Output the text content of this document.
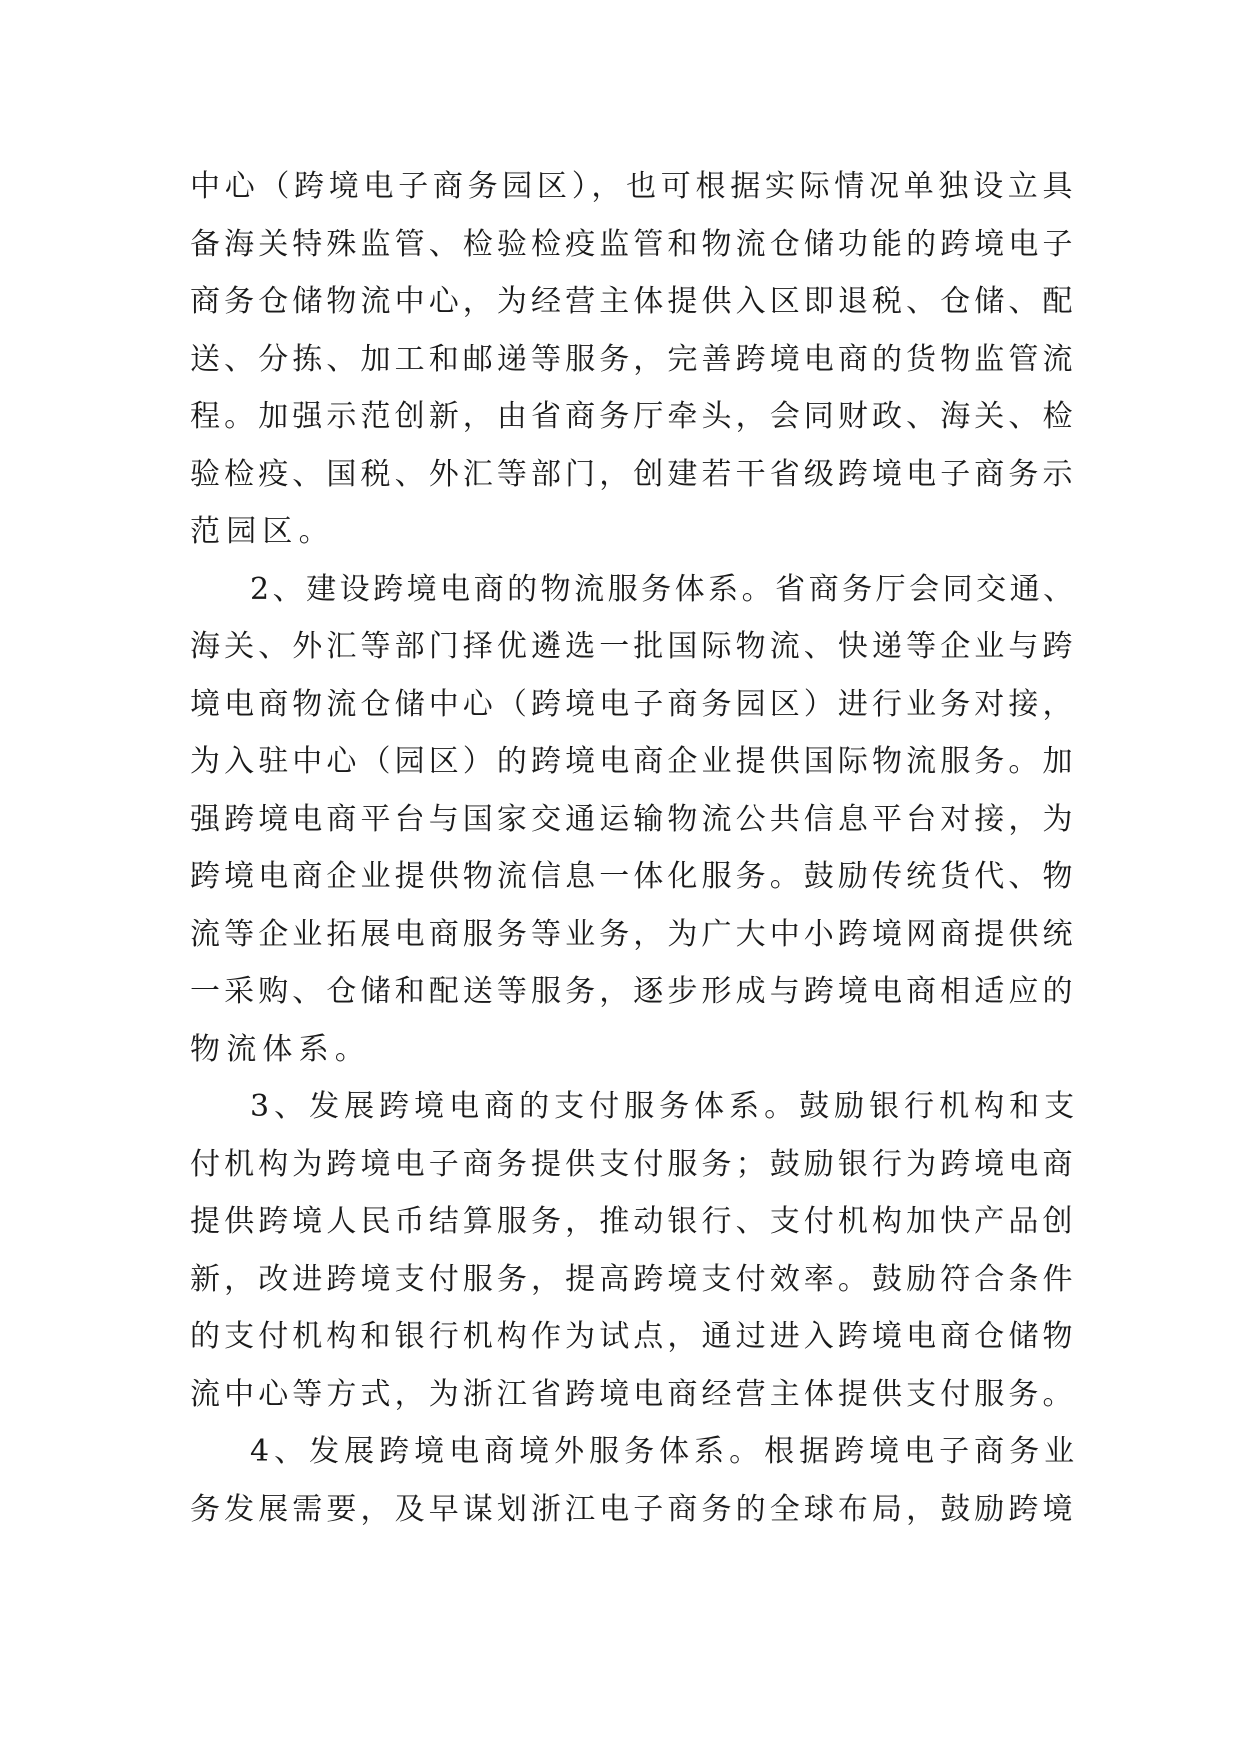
中心（跨境电子商务园区），也可根据实际情况单独设立具
备海关特殊监管、检验检疫监管和物流仓储功能的跨境电子
商务仓储物流中心，为经营主体提供入区即退税、仓储、配
送、分拣、加工和邮递等服务，完善跨境电商的货物监管流
程。加强示范创新，由省商务厅牵头，会同财政、海关、检
验检疫、国税、外汇等部门，创建若干省级跨境电子商务示
范园区。

2、建设跨境电商的物流服务体系。省商务厅会同交通、
海关、外汇等部门择优遴选一批国际物流、快递等企业与跨
境电商物流仓储中心（跨境电子商务园区）进行业务对接，
为入驻中心（园区）的跨境电商企业提供国际物流服务。加
强跨境电商平台与国家交通运输物流公共信息平台对接，为
跨境电商企业提供物流信息一体化服务。鼓励传统货代、物
流等企业拓展电商服务等业务，为广大中小跨境网商提供统
一采购、仓储和配送等服务，逐步形成与跨境电商相适应的
物流体系。

3、发展跨境电商的支付服务体系。鼓励银行机构和支
付机构为跨境电子商务提供支付服务；鼓励银行为跨境电商
提供跨境人民币结算服务，推动银行、支付机构加快产品创
新，改进跨境支付服务，提高跨境支付效率。鼓励符合条件
的支付机构和银行机构作为试点，通过进入跨境电商仓储物
流中心等方式，为浙江省跨境电商经营主体提供支付服务。

4、发展跨境电商境外服务体系。根据跨境电子商务业
务发展需要，及早谋划浙江电子商务的全球布局，鼓励跨境
